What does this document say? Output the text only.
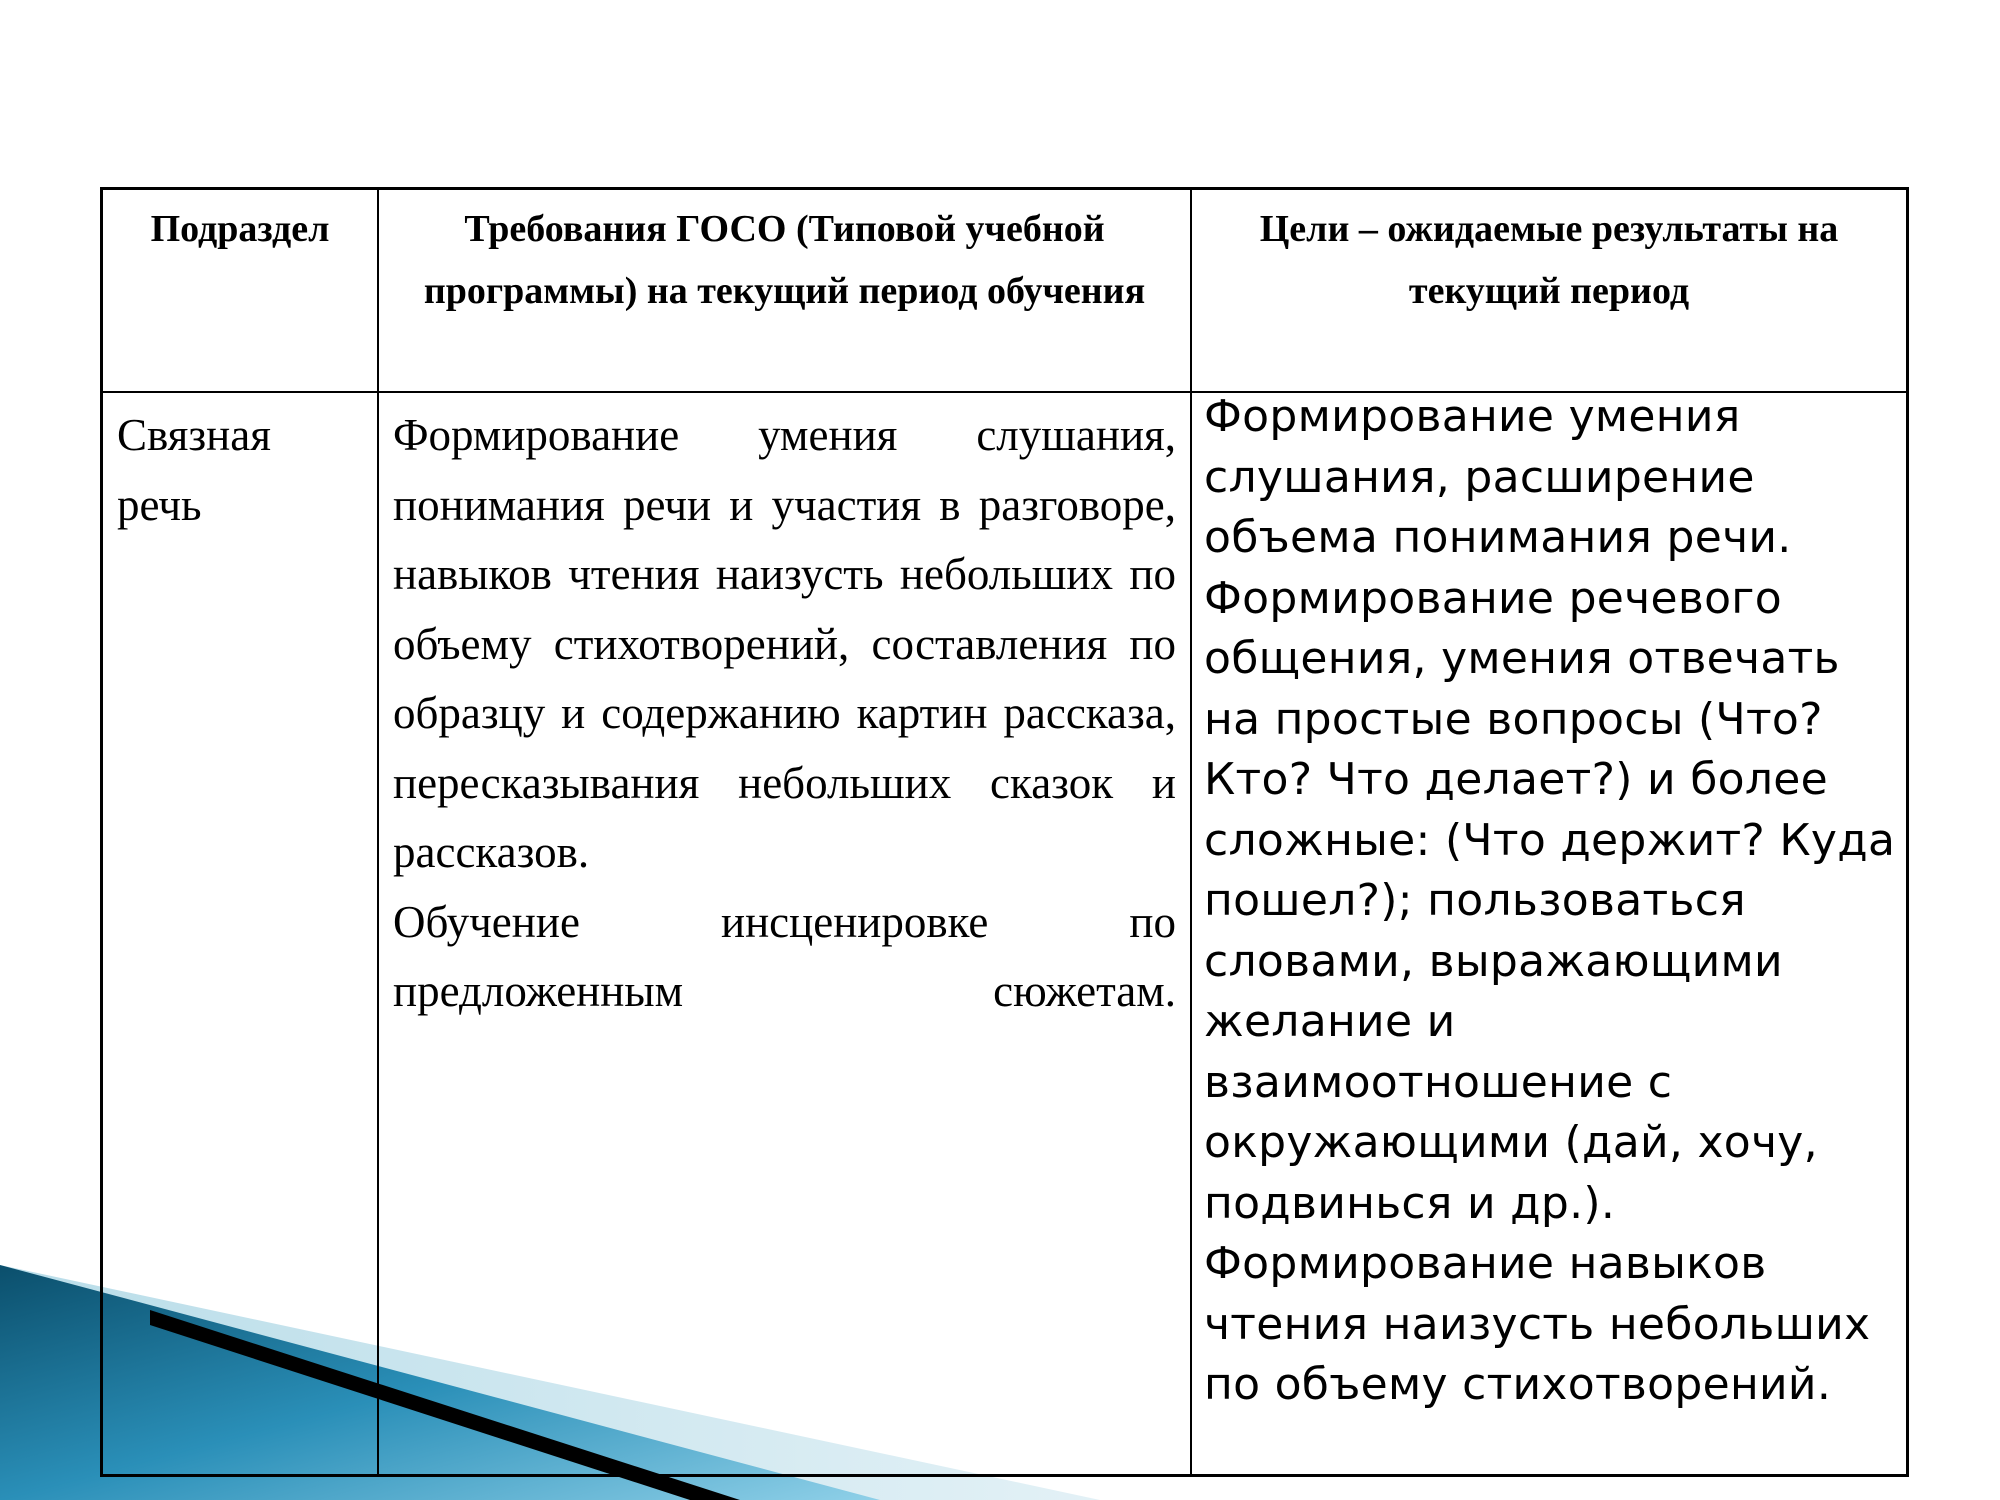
Подраздел	Требования ГОСО (Типовой учебной программы) на текущий период обучения
Цели – ожидаемые результаты на текущий период
Связная речь
Формирование умения слушания, понимания речи и участия в разговоре, навыков чтения наизусть небольших по объему стихотворений, составления по образцу и содержанию картин рассказа, пересказывания небольших сказок и рассказов.
Обучение инсценировке по предложенным сюжетам.
Формирование умения слушания, расширение объема понимания речи. Формирование речевого общения, умения отвечать на простые вопросы (Что? Кто? Что делает?) и более сложные: (Что держит? Куда пошел?); пользоваться словами, выражающими желание и взаимоотношение с окружающими (дай, хочу, подвинься и др.). Формирование навыков чтения наизусть небольших по объему стихотворений.
